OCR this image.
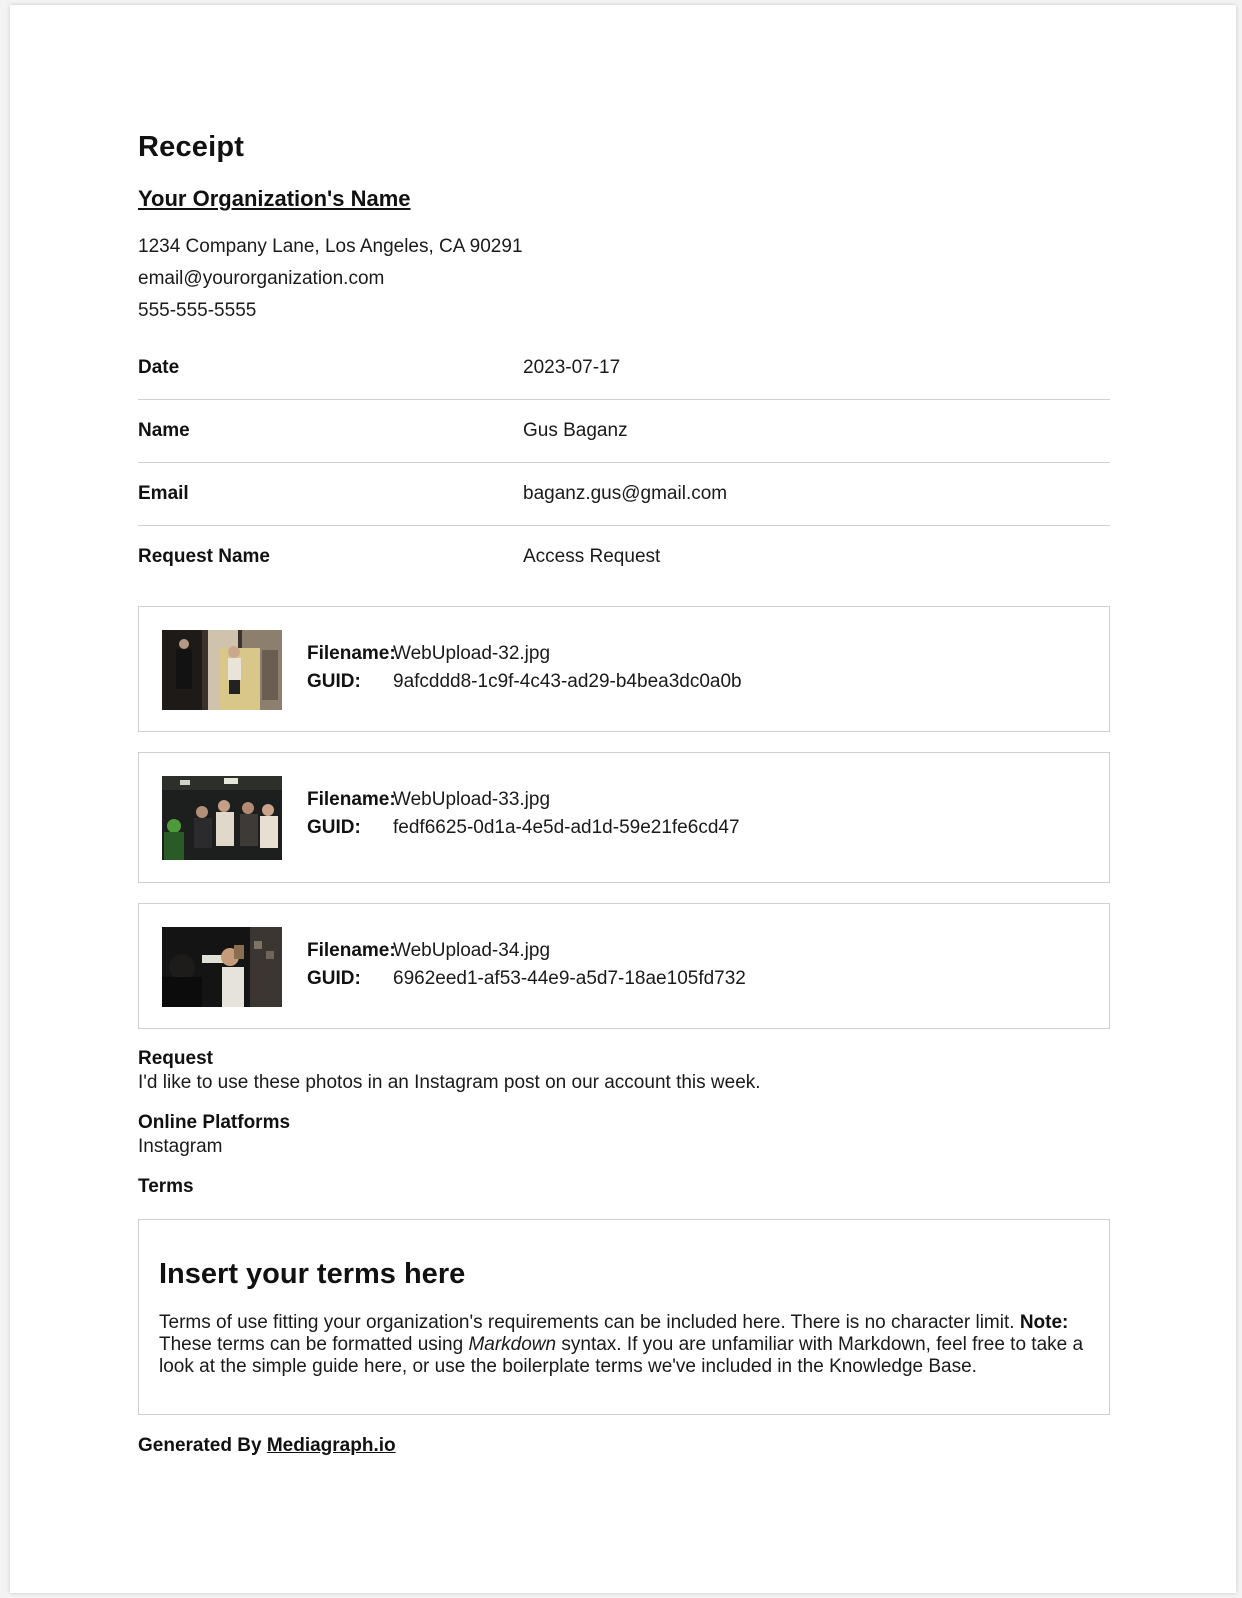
Receipt
Your Organization's Name
1234 Company Lane, Los Angeles, CA 90291
email@yourorganization.com
555-555-5555
Date	2023-07-17
Name	Gus Baganz
Email	baganz.gus@gmail.com
Request Name	Access Request
Filename:
WebUpload-32.jpg
GUID:	9afcddd8-1c9f-4c43-ad29-b4bea3dc0a0b
Filename:
WebUpload-33.jpg
GUID:	fedf6625-0d1a-4e5d-ad1d-59e21fe6cd47
Filename:
WebUpload-34.jpg
GUID:	6962eed1-af53-44e9-a5d7-18ae105fd732
Request
I'd like to use these photos in an Instagram post on our account this week.
Online Platforms
Instagram
Terms
Insert your terms here
Terms of use fitting your organization's requirements can be included here. There is no character limit. Note: These terms can be formatted using Markdown syntax. If you are unfamiliar with Markdown, feel free to take a look at the simple guide here, or use the boilerplate terms we've included in the Knowledge Base.
Generated By Mediagraph.io
